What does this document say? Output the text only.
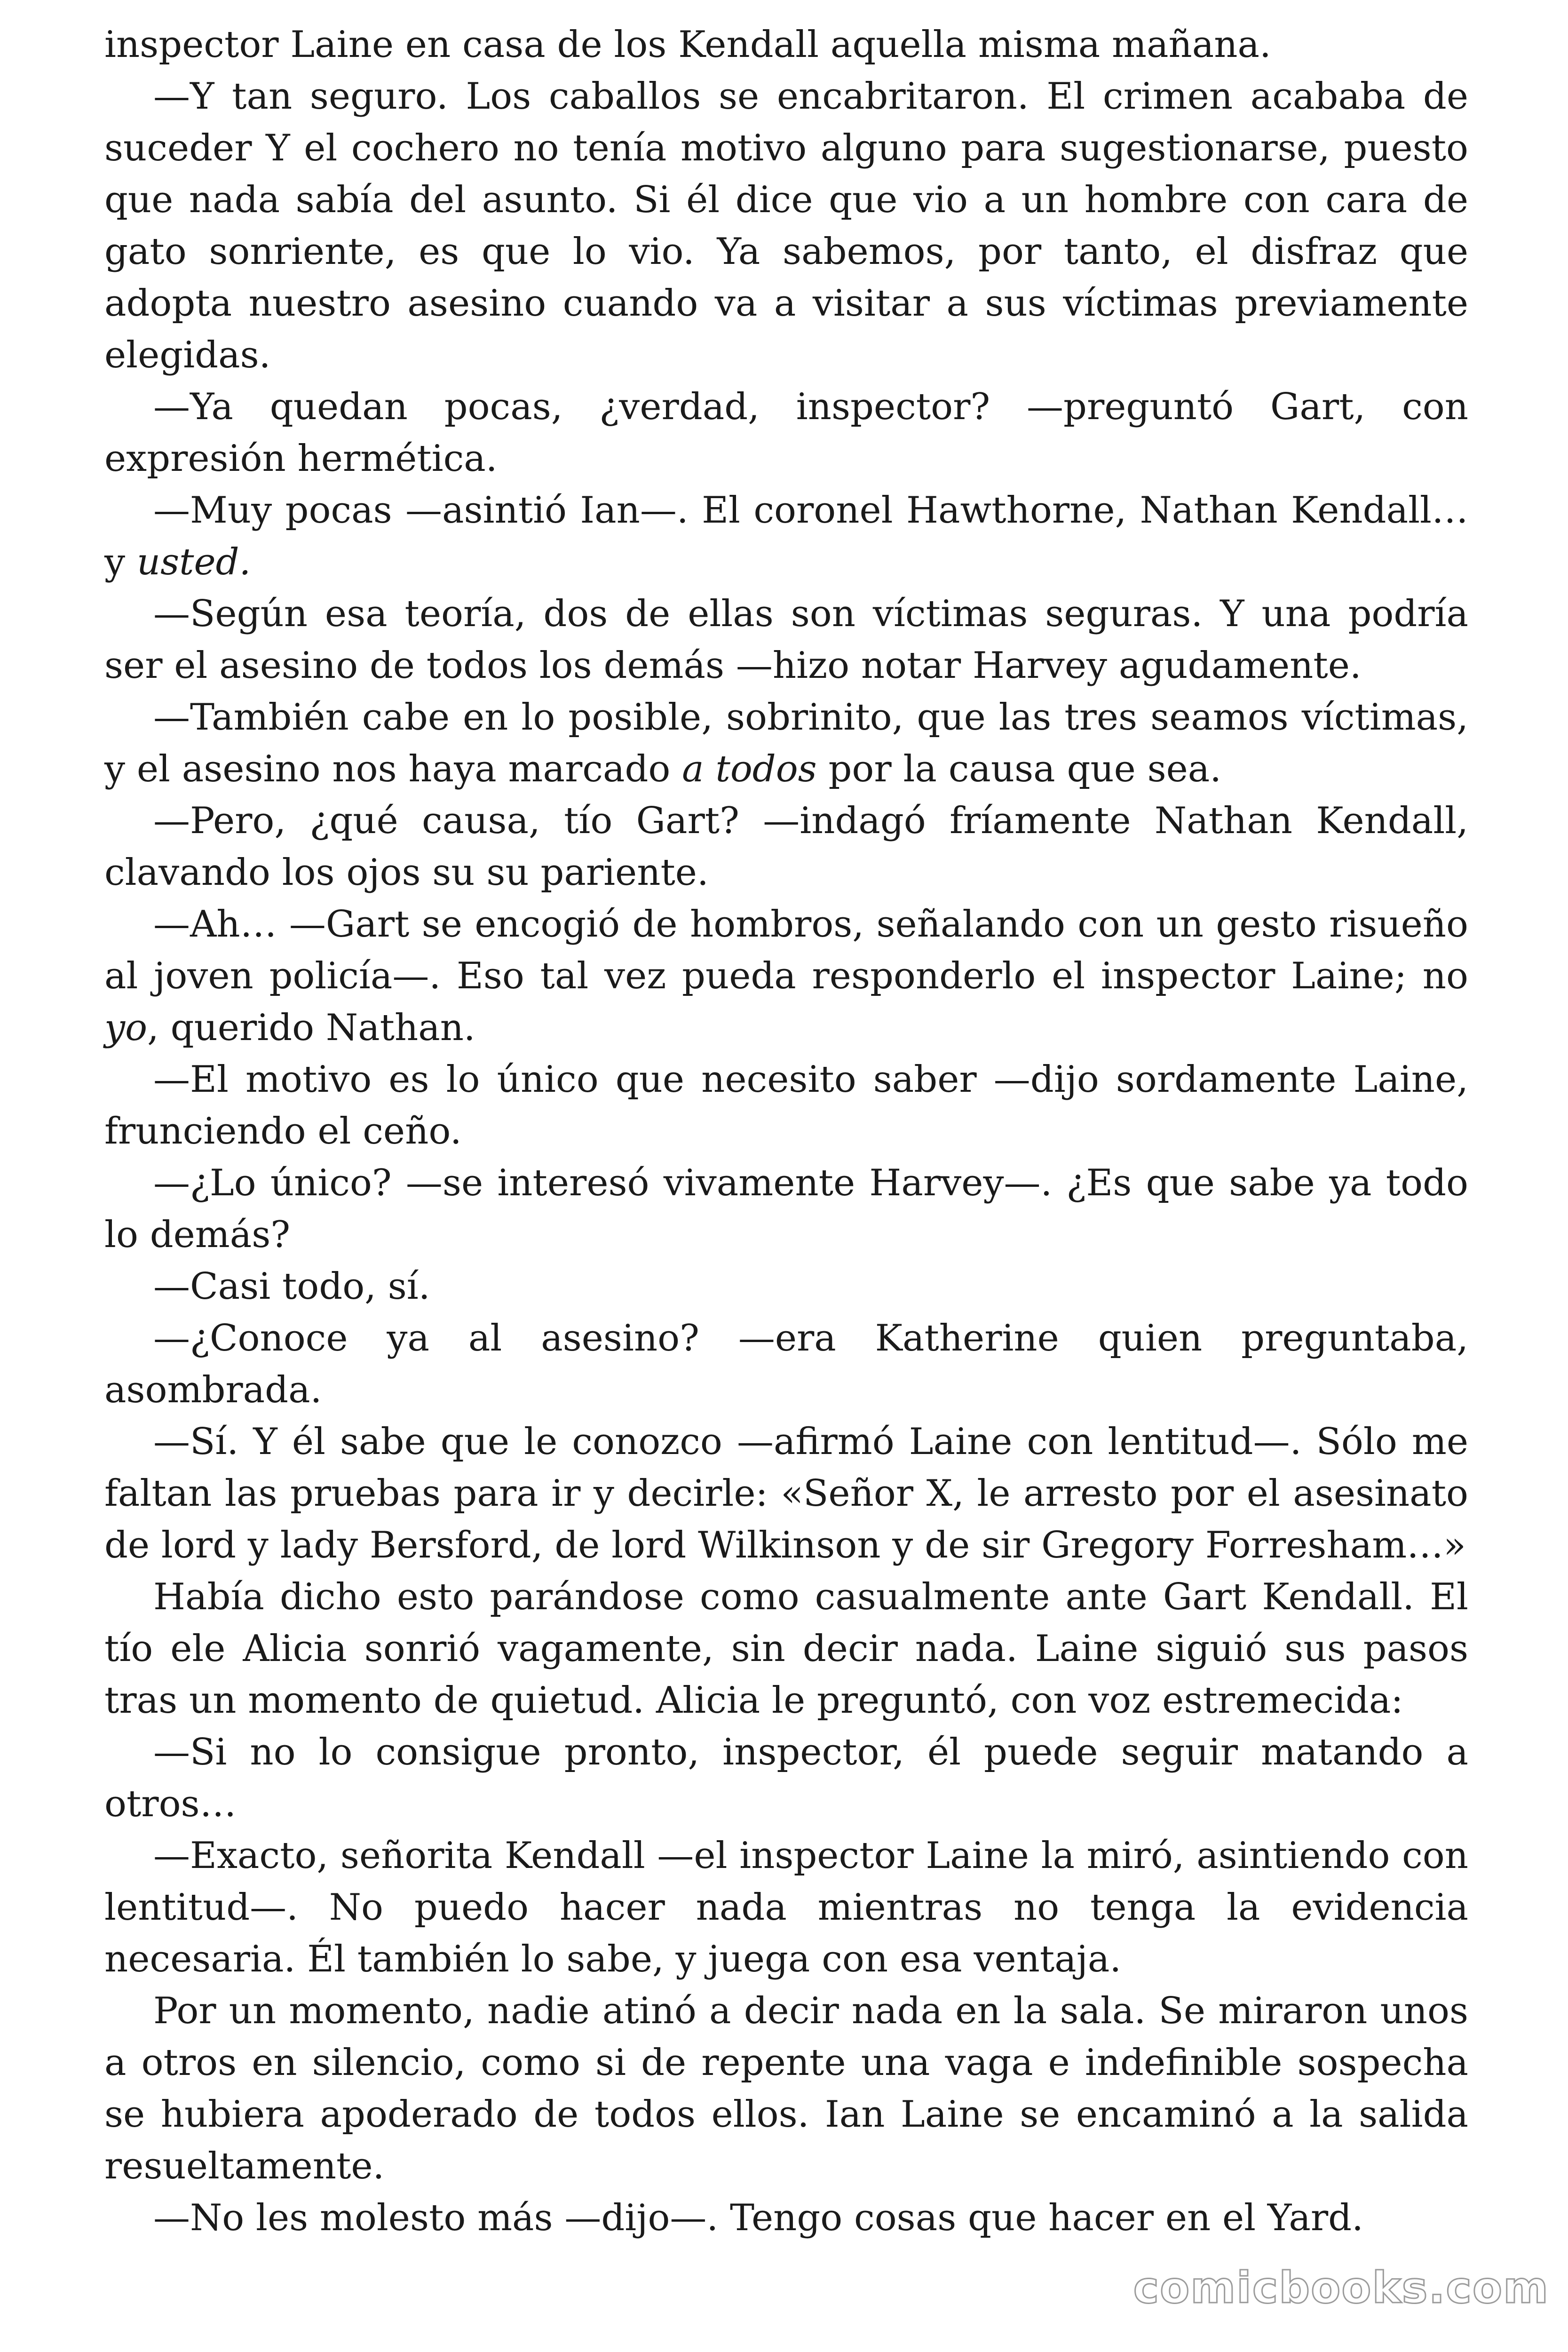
inspector Laine en casa de los Kendall aquella misma mañana.

—Y tan seguro. Los caballos se encabritaron. El crimen acababa de suceder Y el cochero no tenía motivo alguno para sugestionarse, puesto que nada sabía del asunto. Si él dice que vio a un hombre con cara de gato sonriente, es que lo vio. Ya sabemos, por tanto, el disfraz que adopta nuestro asesino cuando va a visitar a sus víctimas previamente elegidas.

—Ya quedan pocas, ¿verdad, inspector? —preguntó Gart, con expresión hermética.

—Muy pocas —asintió Ian—. El coronel Hawthorne, Nathan Kendall… y usted.

—Según esa teoría, dos de ellas son víctimas seguras. Y una podría ser el asesino de todos los demás —hizo notar Harvey agudamente.

—También cabe en lo posible, sobrinito, que las tres seamos víctimas, y el asesino nos haya marcado a todos por la causa que sea.

—Pero, ¿qué causa, tío Gart? —indagó fríamente Nathan Kendall, clavando los ojos su su pariente.

—Ah… —Gart se encogió de hombros, señalando con un gesto risueño al joven policía—. Eso tal vez pueda responderlo el inspector Laine; no yo, querido Nathan.

—El motivo es lo único que necesito saber —dijo sordamente Laine, frunciendo el ceño.

—¿Lo único? —se interesó vivamente Harvey—. ¿Es que sabe ya todo lo demás?

—Casi todo, sí.

—¿Conoce ya al asesino? —era Katherine quien preguntaba, asombrada.

—Sí. Y él sabe que le conozco —afirmó Laine con lentitud—. Sólo me faltan las pruebas para ir y decirle: «Señor X, le arresto por el asesinato de lord y lady Bersford, de lord Wilkinson y de sir Gregory Forresham…»

Había dicho esto parándose como casualmente ante Gart Kendall. El tío ele Alicia sonrió vagamente, sin decir nada. Laine siguió sus pasos tras un momento de quietud. Alicia le preguntó, con voz estremecida:

—Si no lo consigue pronto, inspector, él puede seguir matando a otros…

—Exacto, señorita Kendall —el inspector Laine la miró, asintiendo con lentitud—. No puedo hacer nada mientras no tenga la evidencia necesaria. Él también lo sabe, y juega con esa ventaja.

Por un momento, nadie atinó a decir nada en la sala. Se miraron unos a otros en silencio, como si de repente una vaga e indefinible sospecha se hubiera apoderado de todos ellos. Ian Laine se encaminó a la salida resueltamente.

—No les molesto más —dijo—. Tengo cosas que hacer en el Yard.

comicbooks.com
